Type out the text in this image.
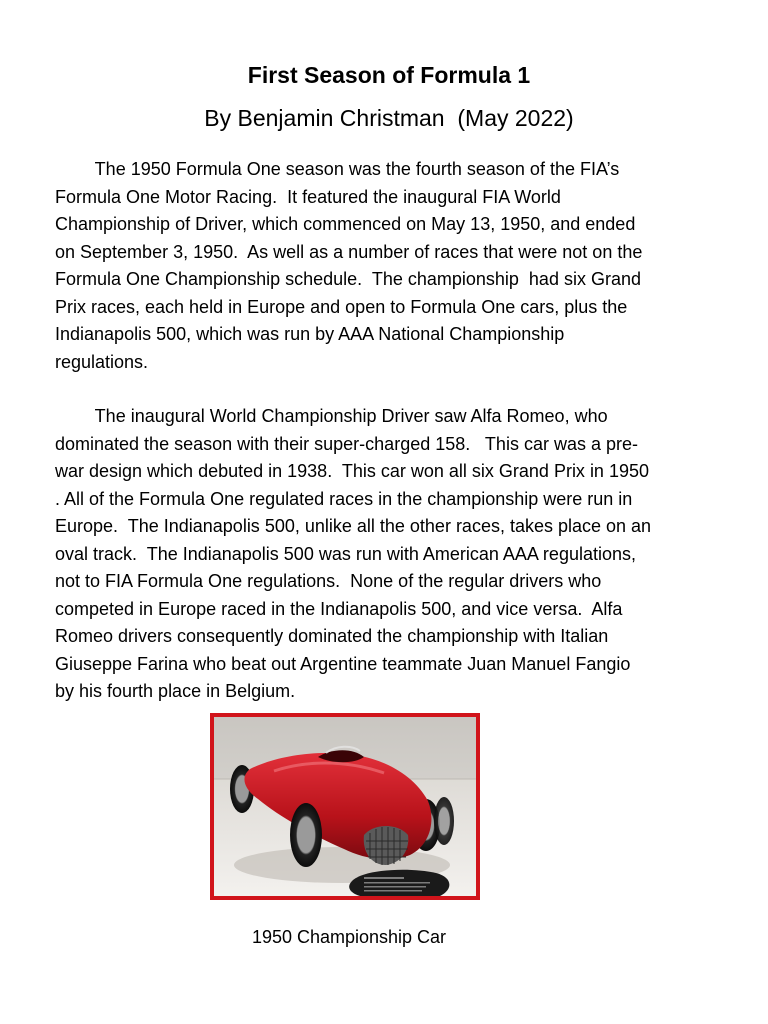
First Season of Formula 1
By Benjamin Christman  (May 2022)
The 1950 Formula One season was the fourth season of the FIA’s
Formula One Motor Racing.  It featured the inaugural FIA World
Championship of Driver, which commenced on May 13, 1950, and ended
on September 3, 1950.  As well as a number of races that were not on the
Formula One Championship schedule.  The championship  had six Grand
Prix races, each held in Europe and open to Formula One cars, plus the
Indianapolis 500, which was run by AAA National Championship
regulations.
The inaugural World Championship Driver saw Alfa Romeo, who
dominated the season with their super-charged 158.   This car was a pre-
war design which debuted in 1938.  This car won all six Grand Prix in 1950
. All of the Formula One regulated races in the championship were run in
Europe.  The Indianapolis 500, unlike all the other races, takes place on an
oval track.  The Indianapolis 500 was run with American AAA regulations,
not to FIA Formula One regulations.  None of the regular drivers who
competed in Europe raced in the Indianapolis 500, and vice versa.  Alfa
Romeo drivers consequently dominated the championship with Italian
Giuseppe Farina who beat out Argentine teammate Juan Manuel Fangio
by his fourth place in Belgium.
1950 Championship Car
